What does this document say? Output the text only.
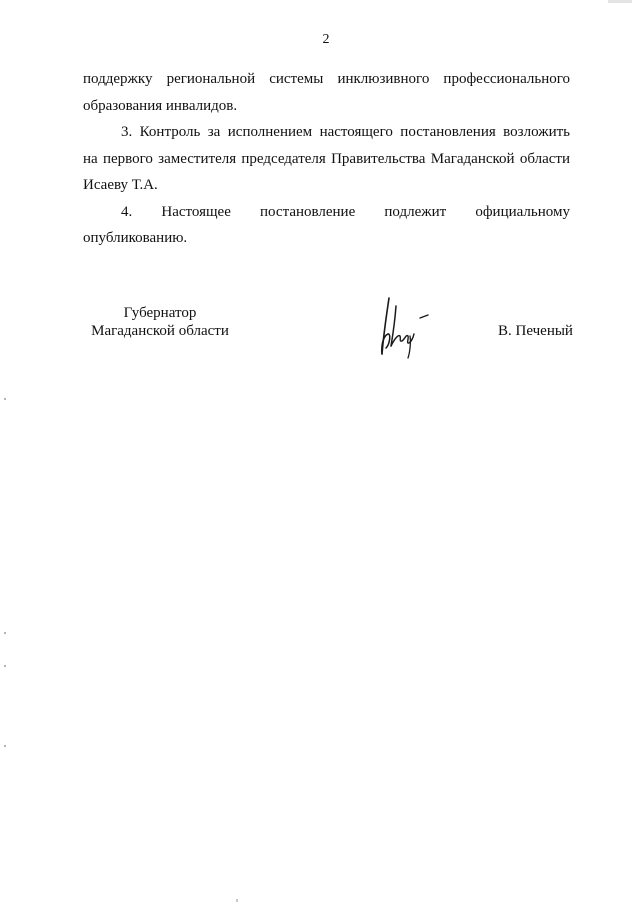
2

поддержку региональной системы инклюзивного профессионального

образования инвалидов.

3. Контроль за исполнением настоящего постановления возложить

на первого заместителя председателя Правительства Магаданской области

Исаеву Т.А.

4. Настоящее постановление подлежит официальному

опубликованию.

Губернатор
Магаданской области	В. Печеный
